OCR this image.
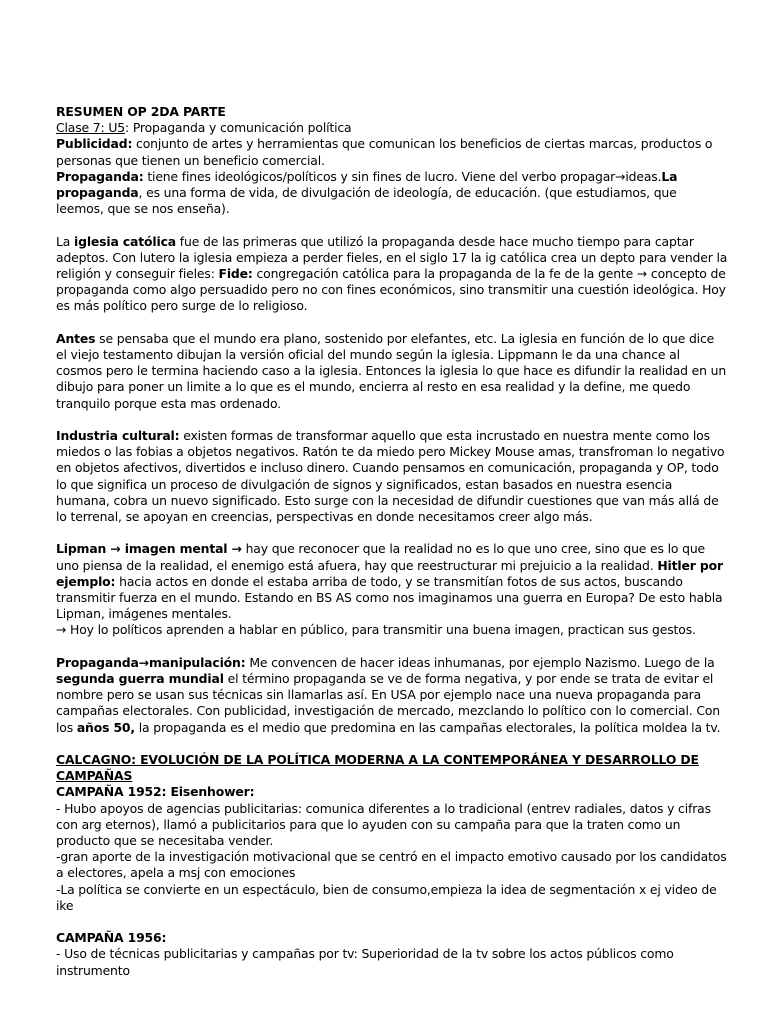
RESUMEN OP 2DA PARTE
Clase 7: U5: Propaganda y comunicación política
Publicidad: conjunto de artes y herramientas que comunican los beneficios de ciertas marcas, productos o personas que tienen un beneficio comercial.
Propaganda: tiene fines ideológicos/políticos y sin fines de lucro. Viene del verbo propagar→ideas.La propaganda, es una forma de vida, de divulgación de ideología, de educación. (que estudiamos, que leemos, que se nos enseña).
La iglesia católica fue de las primeras que utilizó la propaganda desde hace mucho tiempo para captar adeptos. Con lutero la iglesia empieza a perder fieles, en el siglo 17 la ig católica crea un depto para vender la religión y conseguir fieles: Fide: congregación católica para la propaganda de la fe de la gente → concepto de propaganda como algo persuadido pero no con fines económicos, sino transmitir una cuestión ideológica. Hoy es más político pero surge de lo religioso.
Antes se pensaba que el mundo era plano, sostenido por elefantes, etc. La iglesia en función de lo que dice el viejo testamento dibujan la versión oficial del mundo según la iglesia. Lippmann le da una chance al cosmos pero le termina haciendo caso a la iglesia. Entonces la iglesia lo que hace es difundir la realidad en un dibujo para poner un limite a lo que es el mundo, encierra al resto en esa realidad y la define, me quedo tranquilo porque esta mas ordenado.
Industria cultural: existen formas de transformar aquello que esta incrustado en nuestra mente como los miedos o las fobias a objetos negativos. Ratón te da miedo pero Mickey Mouse amas, transfroman lo negativo en objetos afectivos, divertidos e incluso dinero. Cuando pensamos en comunicación, propaganda y OP, todo lo que significa un proceso de divulgación de signos y significados, estan basados en nuestra esencia humana, cobra un nuevo significado. Esto surge con la necesidad de difundir cuestiones que van más allá de lo terrenal, se apoyan en creencias, perspectivas en donde necesitamos creer algo más.
Lipman → imagen mental → hay que reconocer que la realidad no es lo que uno cree, sino que es lo que uno piensa de la realidad, el enemigo está afuera, hay que reestructurar mi prejuicio a la realidad. Hitler por ejemplo: hacia actos en donde el estaba arriba de todo, y se transmitían fotos de sus actos, buscando transmitir fuerza en el mundo. Estando en BS AS como nos imaginamos una guerra en Europa? De esto habla Lipman, imágenes mentales.
→ Hoy lo políticos aprenden a hablar en público, para transmitir una buena imagen, practican sus gestos.
Propaganda→manipulación: Me convencen de hacer ideas inhumanas, por ejemplo Nazismo. Luego de la segunda guerra mundial el término propaganda se ve de forma negativa, y por ende se trata de evitar el nombre pero se usan sus técnicas sin llamarlas así. En USA por ejemplo nace una nueva propaganda para campañas electorales. Con publicidad, investigación de mercado, mezclando lo político con lo comercial. Con los años 50, la propaganda es el medio que predomina en las campañas electorales, la política moldea la tv.
CALCAGNO: EVOLUCIÓN DE LA POLÍTICA MODERNA A LA CONTEMPORÁNEA Y DESARROLLO DE CAMPAÑAS
CAMPAÑA 1952: Eisenhower:
- Hubo apoyos de agencias publicitarias: comunica diferentes a lo tradicional (entrev radiales, datos y cifras con arg eternos), llamó a publicitarios para que lo ayuden con su campaña para que la traten como un producto que se necesitaba vender.
-gran aporte de la investigación motivacional que se centró en el impacto emotivo causado por los candidatos a electores, apela a msj con emociones
-La política se convierte en un espectáculo, bien de consumo,empieza la idea de segmentación x ej video de ike
CAMPAÑA 1956:
- Uso de técnicas publicitarias y campañas por tv: Superioridad de la tv sobre los actos públicos como instrumento
